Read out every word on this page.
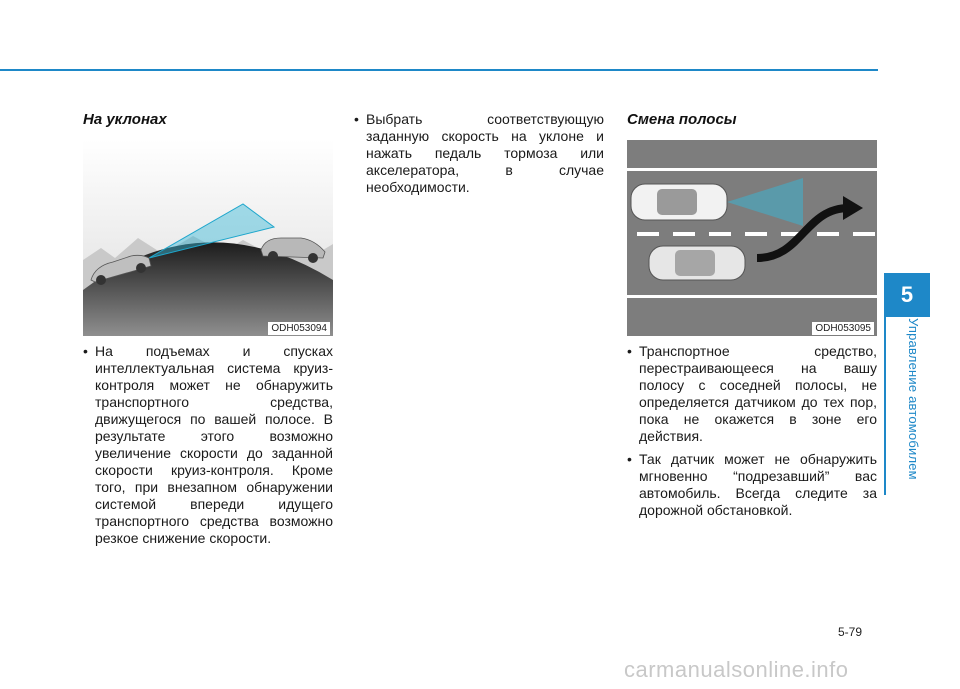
5
Управление автомобилем
На уклонах
ODH053094
• На подъемах и спусках интеллектуальная система круиз-контроля может не обнаружить транспортного средства, движущегося по вашей полосе. В результате этого возможно увеличение скорости до заданной скорости круиз-контроля. Кроме того, при внезапном обнаружении системой впереди идущего транспортного средства возможно резкое снижение скорости.
• Выбрать соответствующую заданную скорость на уклоне и нажать педаль тормоза или акселератора, в случае необходимости.
Смена полосы
ODH053095
• Транспортное средство, перестраивающееся на вашу полосу с соседней полосы, не определяется датчиком до тех пор, пока не окажется в зоне его действия.
• Так датчик может не обнаружить мгновенно “подрезавший” вас автомобиль. Всегда следите за дорожной обстановкой.
5-79
carmanualsonline.info
